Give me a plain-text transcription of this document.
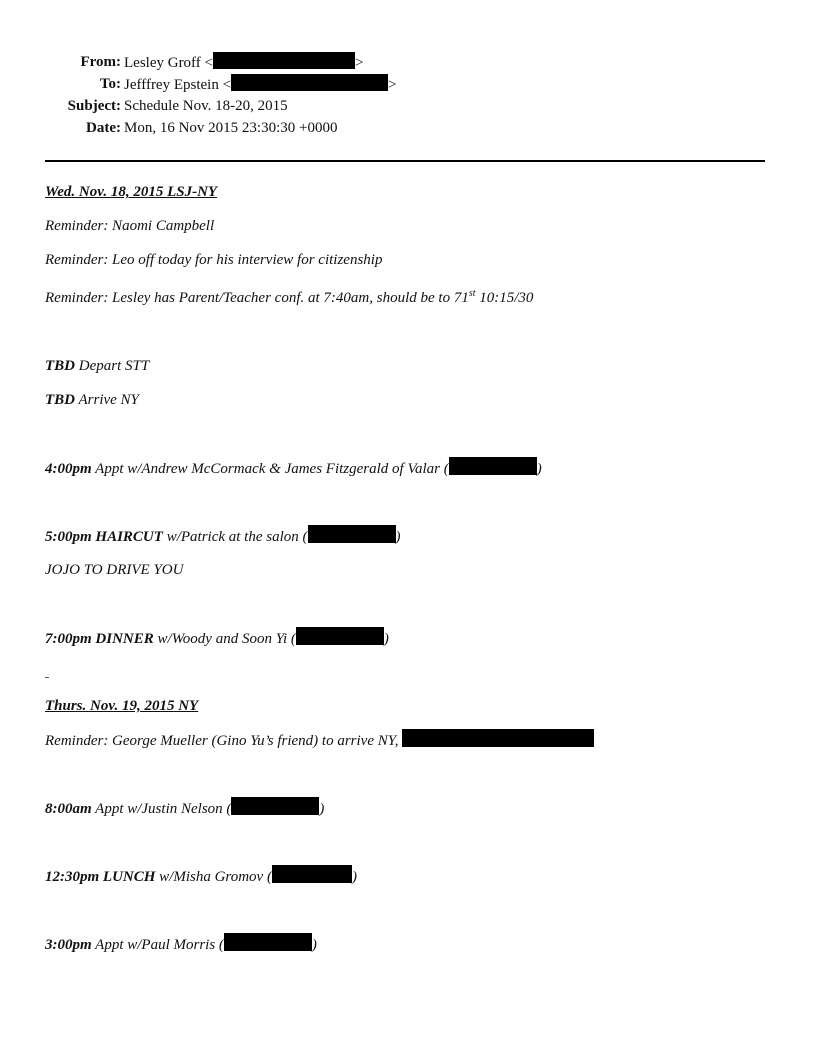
From: Lesley Groff <	>
To: Jefffrey Epstein <	>
Subject: Schedule Nov. 18-20, 2015
Date: Mon, 16 Nov 2015 23:30:30 +0000
Wed. Nov. 18, 2015 LSJ-NY
Reminder: Naomi Campbell
Reminder: Leo off today for his interview for citizenship
Reminder: Lesley has Parent/Teacher conf. at 7:40am, should be to 71st 10:15/30
TBD Depart STT
TBD Arrive NY
4:00pm Appt w/Andrew McCormack & James Fitzgerald of Valar (	)
5:00pm HAIRCUT w/Patrick at the salon (	)
JOJO TO DRIVE YOU
7:00pm DINNER w/Woody and Soon Yi (	)
Thurs. Nov. 19, 2015 NY
Reminder: George Mueller (Gino Yu’s friend) to arrive NY,
8:00am Appt w/Justin Nelson (	)
12:30pm LUNCH w/Misha Gromov (	)
3:00pm Appt w/Paul Morris (	)
